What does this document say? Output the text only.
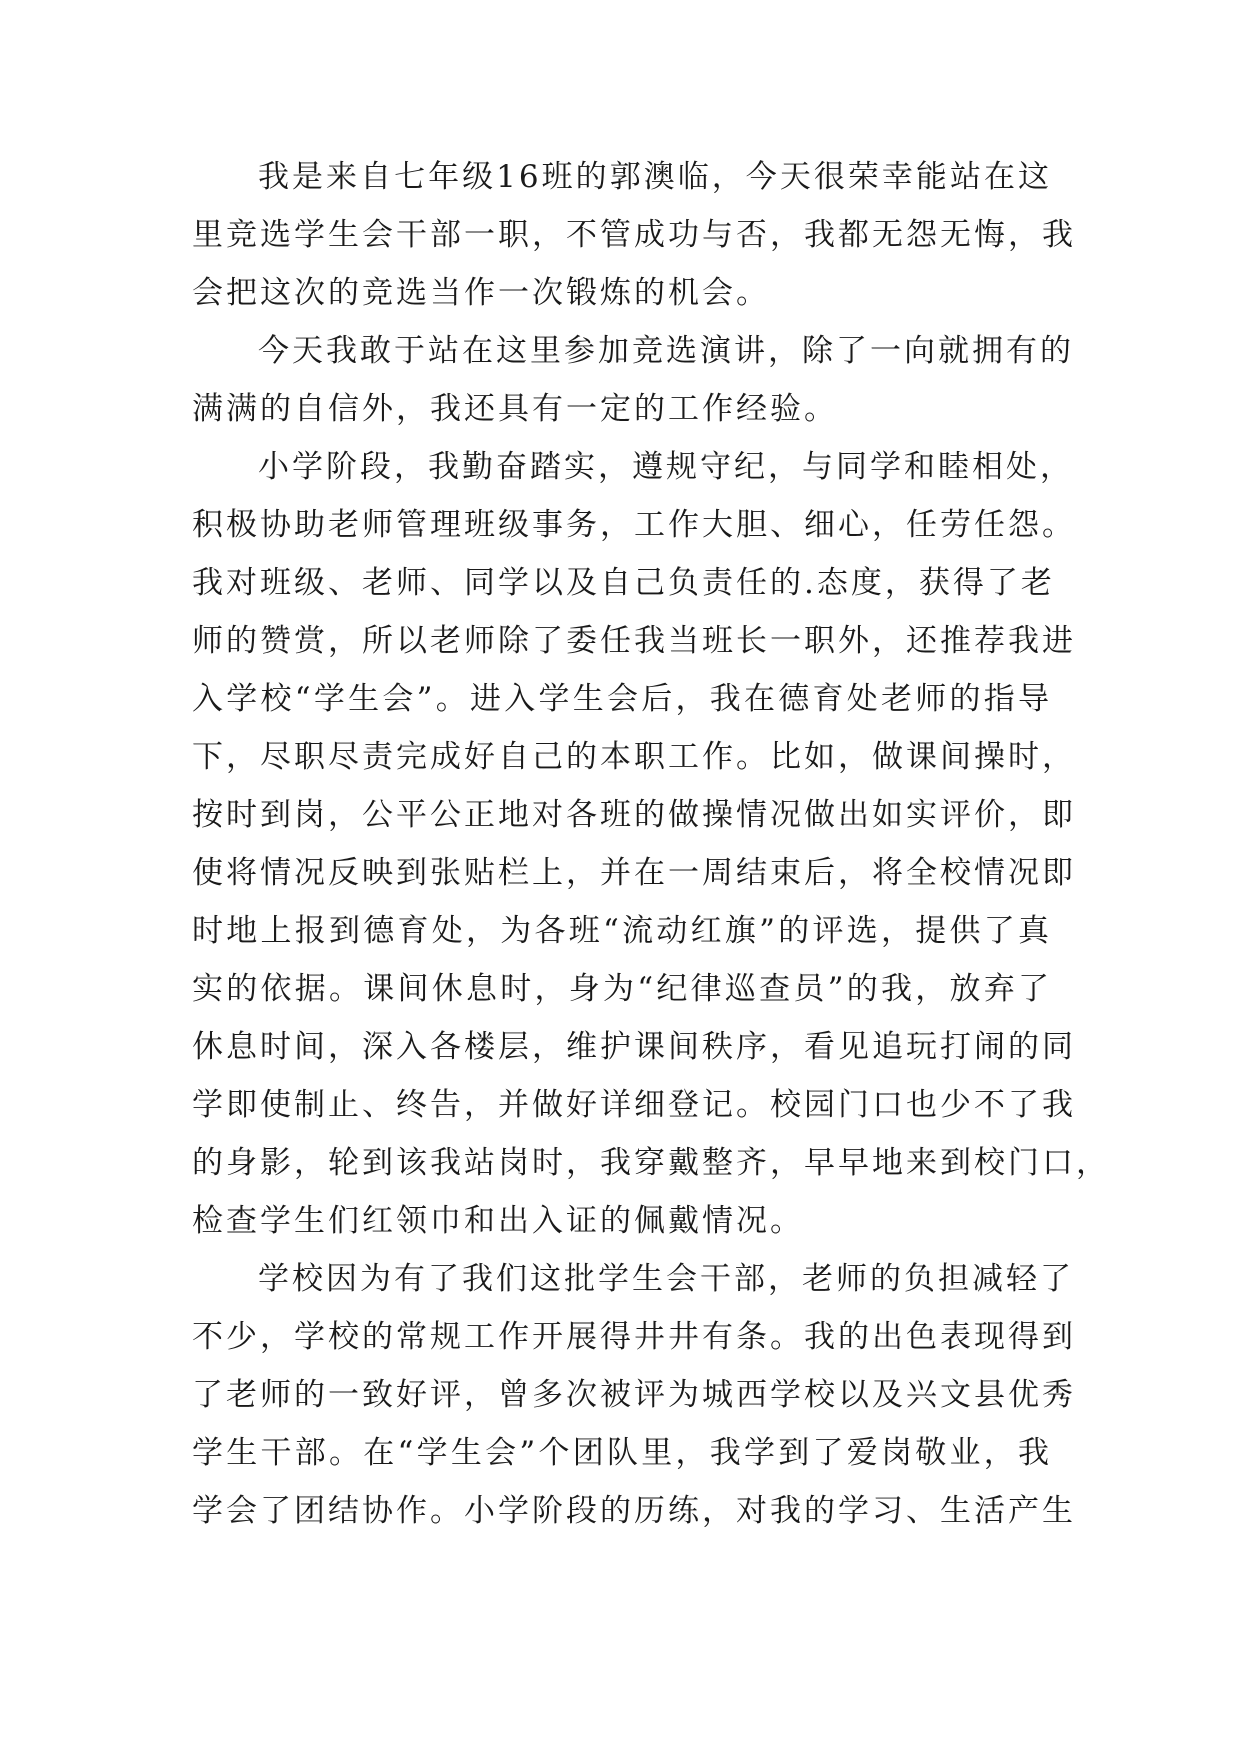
我是来自七年级16班的郭澳临，今天很荣幸能站在这
里竞选学生会干部一职，不管成功与否，我都无怨无悔，我
会把这次的竞选当作一次锻炼的机会。
今天我敢于站在这里参加竞选演讲，除了一向就拥有的
满满的自信外，我还具有一定的工作经验。
小学阶段，我勤奋踏实，遵规守纪，与同学和睦相处，
积极协助老师管理班级事务，工作大胆、细心，任劳任怨。
我对班级、老师、同学以及自己负责任的.态度，获得了老
师的赞赏，所以老师除了委任我当班长一职外，还推荐我进
入学校“学生会”。进入学生会后，我在德育处老师的指导
下，尽职尽责完成好自己的本职工作。比如，做课间操时，
按时到岗，公平公正地对各班的做操情况做出如实评价，即
使将情况反映到张贴栏上，并在一周结束后，将全校情况即
时地上报到德育处，为各班“流动红旗”的评选，提供了真
实的依据。课间休息时，身为“纪律巡查员”的我，放弃了
休息时间，深入各楼层，维护课间秩序，看见追玩打闹的同
学即使制止、终告，并做好详细登记。校园门口也少不了我
的身影，轮到该我站岗时，我穿戴整齐，早早地来到校门口，
检查学生们红领巾和出入证的佩戴情况。
学校因为有了我们这批学生会干部，老师的负担减轻了
不少，学校的常规工作开展得井井有条。我的出色表现得到
了老师的一致好评，曾多次被评为城西学校以及兴文县优秀
学生干部。在“学生会”个团队里，我学到了爱岗敬业，我
学会了团结协作。小学阶段的历练，对我的学习、生活产生
